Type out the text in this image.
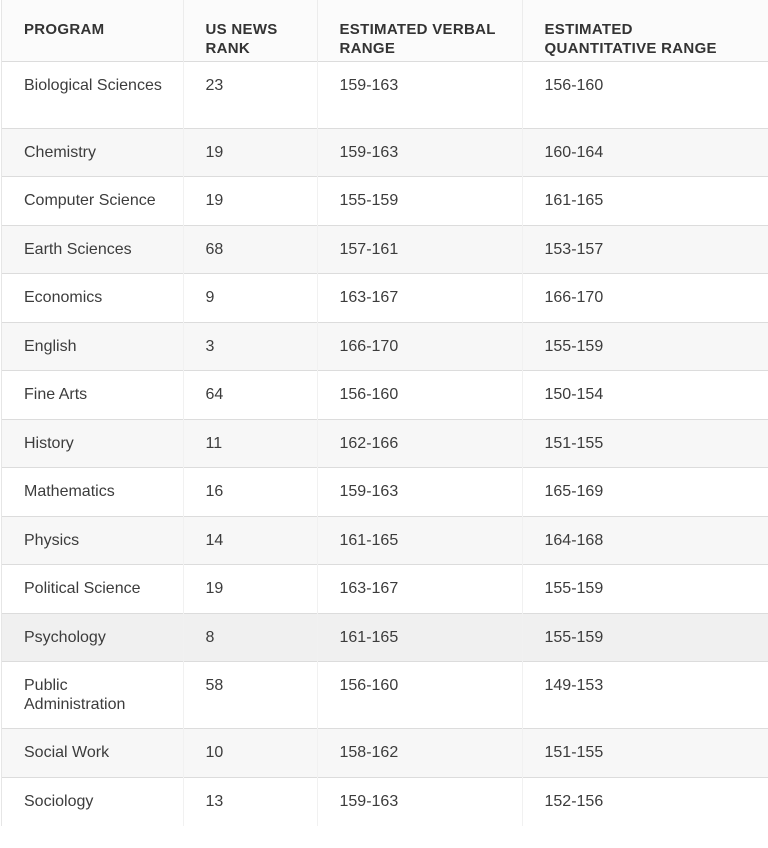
PROGRAM	US NEWS RANK	ESTIMATED VERBAL RANGE	ESTIMATED QUANTITATIVE RANGE
Biological Sciences	23	159-163	156-160
Chemistry	19	159-163	160-164
Computer Science	19	155-159	161-165
Earth Sciences	68	157-161	153-157
Economics	9	163-167	166-170
English	3	166-170	155-159
Fine Arts	64	156-160	150-154
History	11	162-166	151-155
Mathematics	16	159-163	165-169
Physics	14	161-165	164-168
Political Science	19	163-167	155-159
Psychology	8	161-165	155-159
Public Administration	58	156-160	149-153
Social Work	10	158-162	151-155
Sociology	13	159-163	152-156
